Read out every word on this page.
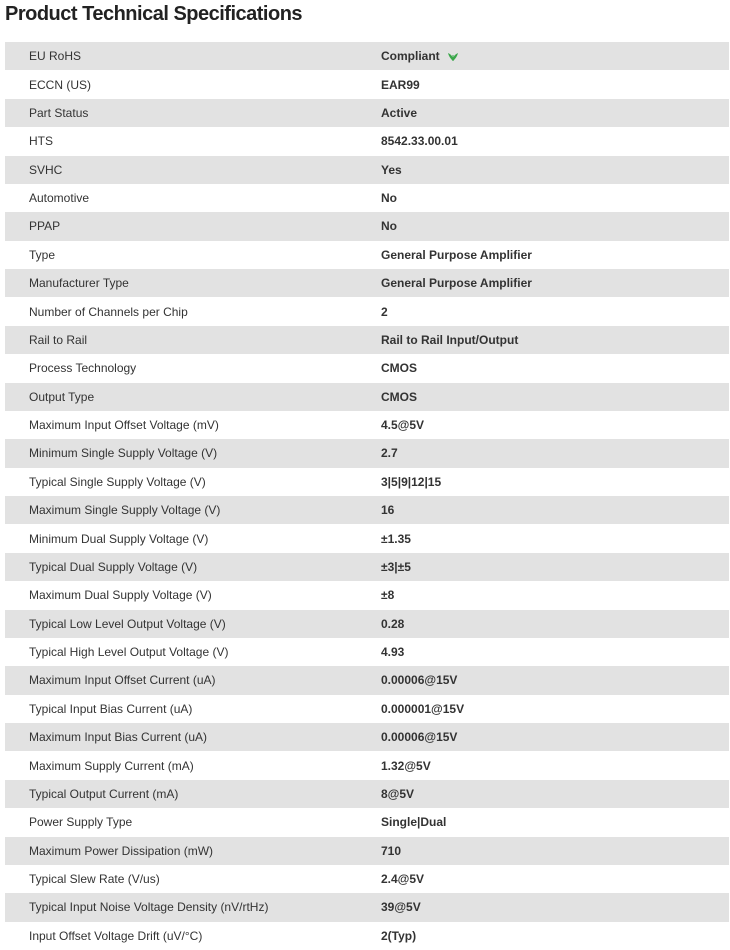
Product Technical Specifications
EU RoHS	Compliant
ECCN (US)	EAR99
Part Status	Active
HTS	8542.33.00.01
SVHC	Yes
Automotive	No
PPAP	No
Type	General Purpose Amplifier
Manufacturer Type	General Purpose Amplifier
Number of Channels per Chip	2
Rail to Rail	Rail to Rail Input/Output
Process Technology	CMOS
Output Type	CMOS
Maximum Input Offset Voltage (mV)	4.5@5V
Minimum Single Supply Voltage (V)	2.7
Typical Single Supply Voltage (V)	3|5|9|12|15
Maximum Single Supply Voltage (V)	16
Minimum Dual Supply Voltage (V)	±1.35
Typical Dual Supply Voltage (V)	±3|±5
Maximum Dual Supply Voltage (V)	±8
Typical Low Level Output Voltage (V)	0.28
Typical High Level Output Voltage (V)	4.93
Maximum Input Offset Current (uA)	0.00006@15V
Typical Input Bias Current (uA)	0.000001@15V
Maximum Input Bias Current (uA)	0.00006@15V
Maximum Supply Current (mA)	1.32@5V
Typical Output Current (mA)	8@5V
Power Supply Type	Single|Dual
Maximum Power Dissipation (mW)	710
Typical Slew Rate (V/us)	2.4@5V
Typical Input Noise Voltage Density (nV/rtHz)	39@5V
Input Offset Voltage Drift (uV/°C)	2(Typ)
